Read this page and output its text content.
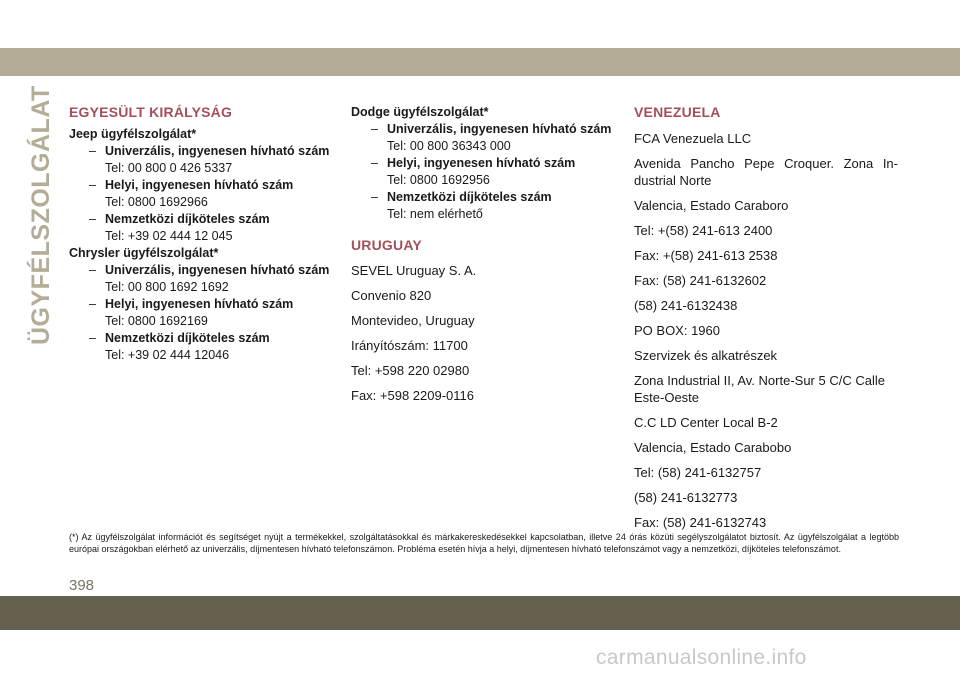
ÜGYFÉLSZOLGÁLAT EGYESÜLT KIRÁLYSÁG
Jeep ügyfélszolgálat*
– Univerzális, ingyenesen hívható szám
Tel: 00 800 0 426 5337
– Helyi, ingyenesen hívható szám
Tel: 0800 1692966
– Nemzetközi díjköteles szám
Tel: +39 02 444 12 045
Chrysler ügyfélszolgálat*
– Univerzális, ingyenesen hívható szám
Tel: 00 800 1692 1692
– Helyi, ingyenesen hívható szám
Tel: 0800 1692169
– Nemzetközi díjköteles szám
Tel: +39 02 444 12046
Dodge ügyfélszolgálat*
– Univerzális, ingyenesen hívható szám
Tel: 00 800 36343 000
– Helyi, ingyenesen hívható szám
Tel: 0800 1692956
– Nemzetközi díjköteles szám
Tel: nem elérhető
URUGUAY

SEVEL Uruguay S. A.

Convenio 820

Montevideo, Uruguay

Irányítószám: 11700

Tel: +598 220 02980

Fax: +598 2209-0116

VENEZUELA

FCA Venezuela LLC

Avenida Pancho Pepe Croquer. Zona In-dustrial Norte

Valencia, Estado Caraboro

Tel: +(58) 241-613 2400

Fax: +(58) 241-613 2538

Fax: (58) 241-6132602

(58) 241-6132438

PO BOX: 1960

Szervizek és alkatrészek

Zona Industrial II, Av. Norte-Sur 5 C/C Calle Este-Oeste

C.C LD Center Local B-2

Valencia, Estado Carabobo

Tel: (58) 241-6132757

(58) 241-6132773

Fax: (58) 241-6132743

(*) Az ügyfélszolgálat információt és segítséget nyújt a termékekkel, szolgáltatásokkal és márkakereskedésekkel kapcsolatban, illetve 24 órás közüti segélyszolgálatot biztosít. Az ügyfélszolgálat a legtöbb európai országokban elérhető az univerzális, díjmentesen hívható telefonszámon. Probléma esetén hívja a helyi, díjmentesen hívható telefonszámot vagy a nemzetközi, díjköteles telefonszámot.
398
carmanualsonline.info
